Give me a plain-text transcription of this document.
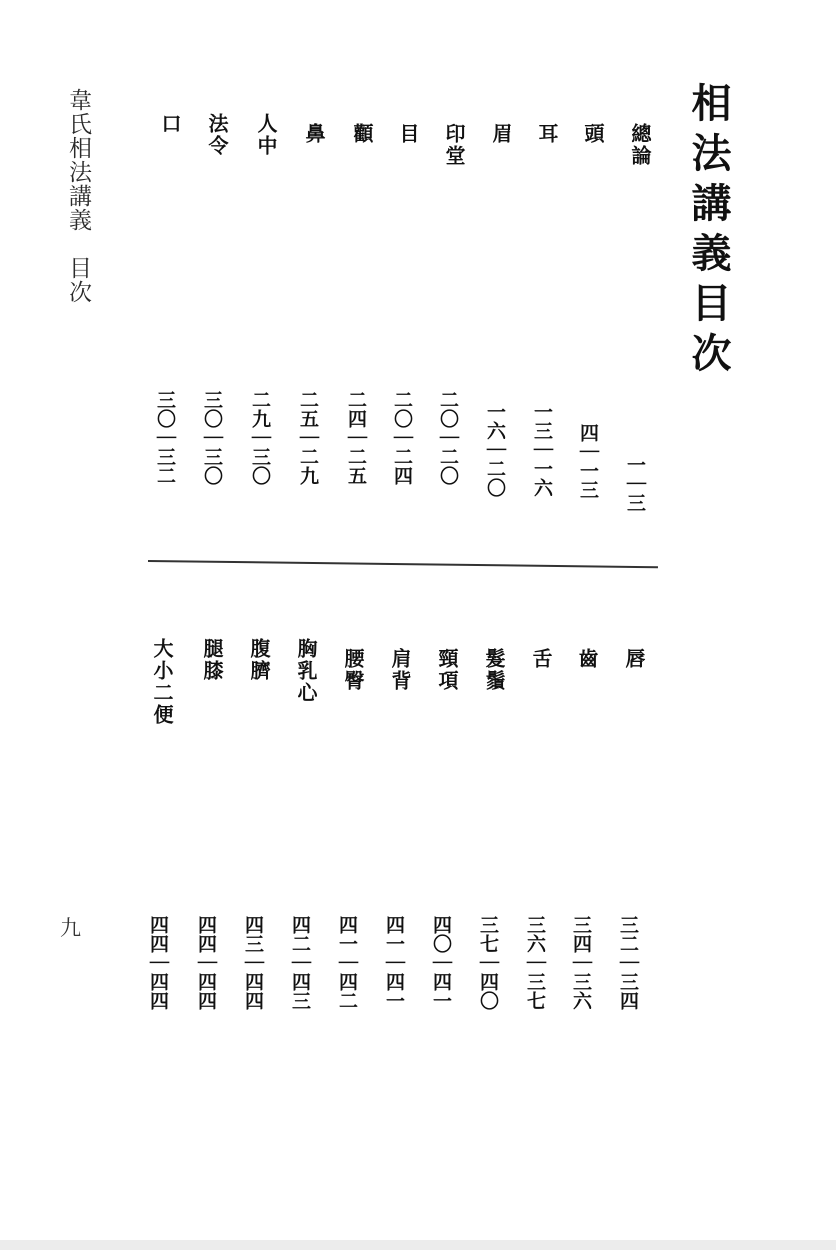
相法講義目次
韋氏相法講義　目次
九
總論
頭
耳
眉
印堂
目
顴
鼻
人中
法令
口
一｜三
四｜一三
一三｜一六
一六｜二〇
二〇｜二〇
二〇｜二四
二四｜二五
二五｜二九
二九｜三〇
三〇｜三〇
三〇｜三二
唇
齒
舌
髮鬚
頸項
肩背
腰臀
胸乳心
腹臍
腿膝
大小二便
三二｜三四
三四｜三六
三六｜三七
三七｜四〇
四〇｜四一
四一｜四一
四一｜四二
四二｜四三
四三｜四四
四四｜四四
四四｜四四
